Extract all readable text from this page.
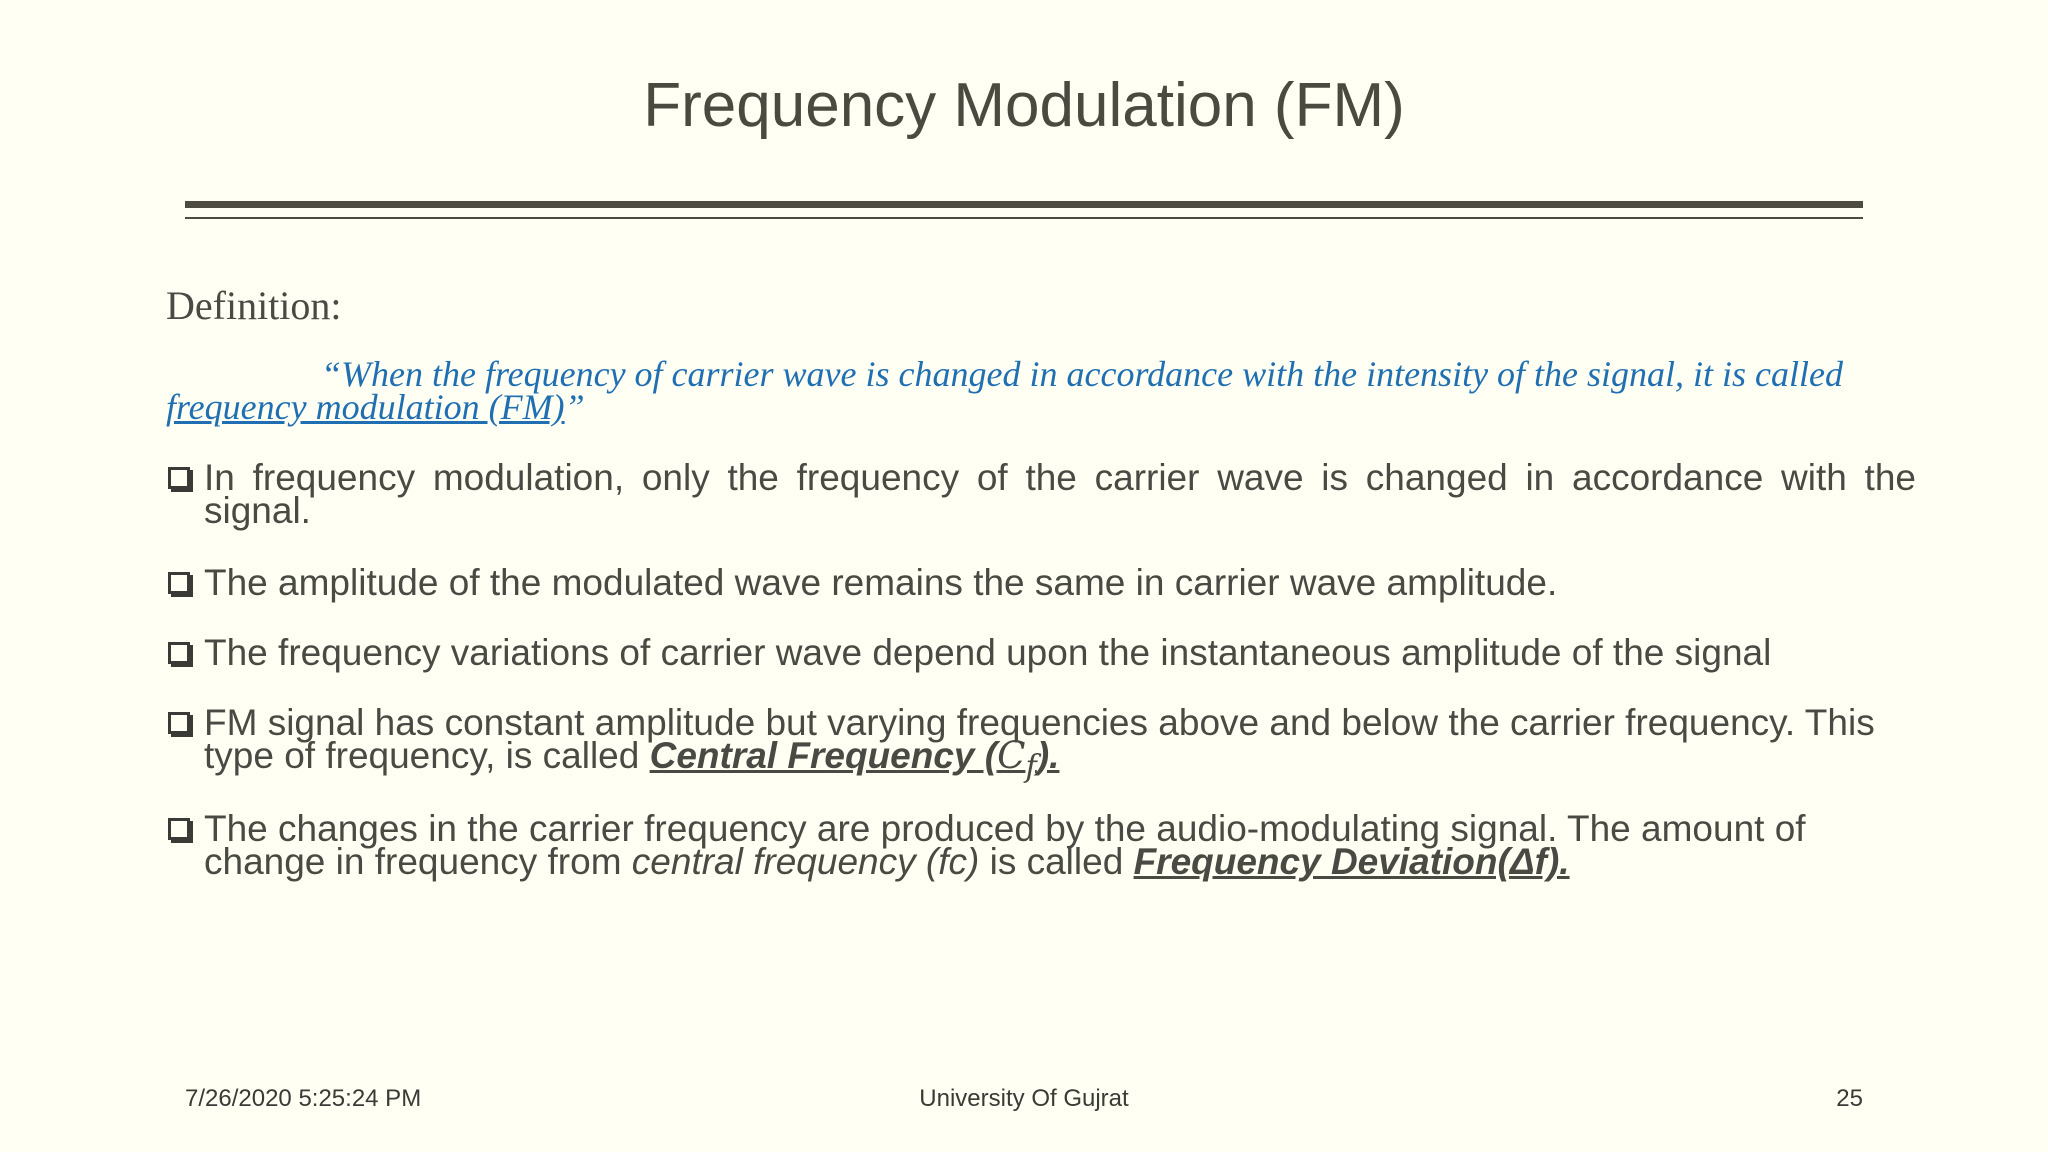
Frequency Modulation (FM)
Definition:
“When the frequency of carrier wave is changed in accordance with the intensity of the signal, it is called frequency modulation (FM)”
In frequency modulation, only the frequency of the carrier wave is changed in accordance with the signal.
The amplitude of the modulated wave remains the same in carrier wave amplitude.
The frequency variations of carrier wave depend upon the instantaneous amplitude of the signal
FM signal has constant amplitude but varying frequencies above and below the carrier frequency. This type of frequency, is called Central Frequency (𝐶$_𝑓$).
The changes in the carrier frequency are produced by the audio-modulating signal. The amount of change in frequency from central frequency (fc) is called Frequency Deviation(Δf).
7/26/2020 5:25:24 PM	University Of Gujrat	25
